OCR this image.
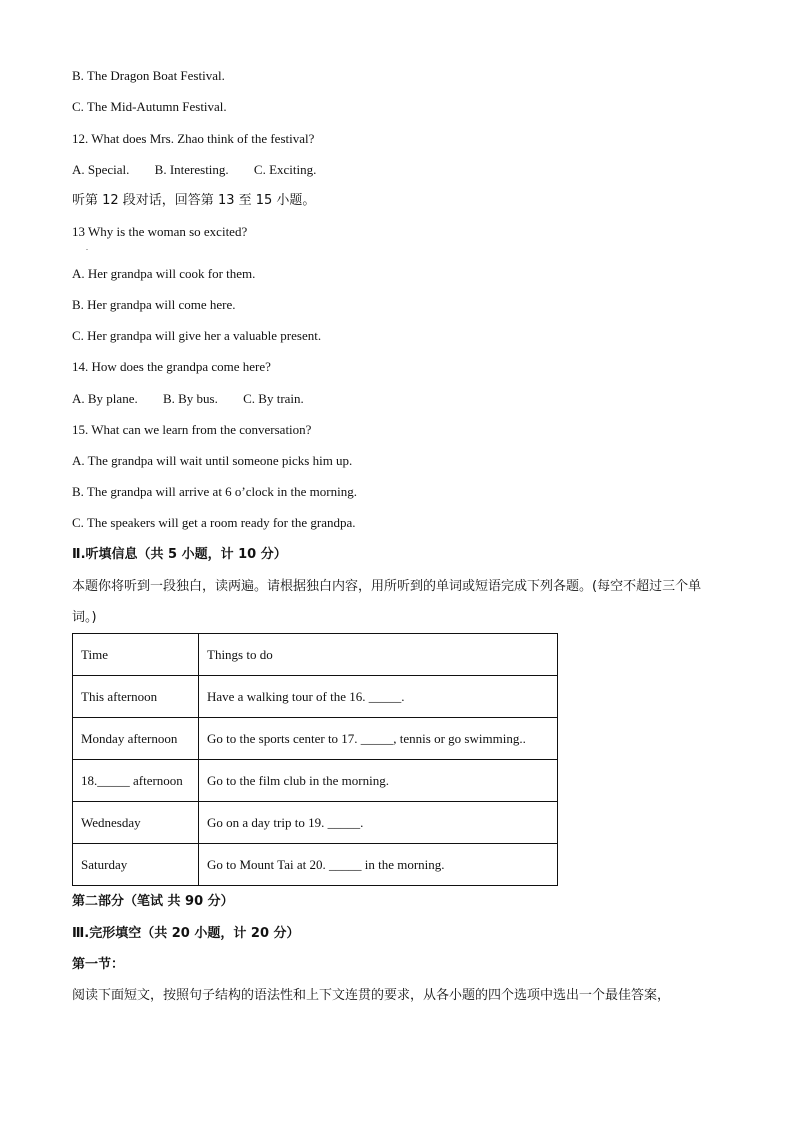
B. The Dragon Boat Festival.
C. The Mid-Autumn Festival.
12. What does Mrs. Zhao think of the festival?
A. Special. B. Interesting. C. Exciting.
听第 12 段对话，回答第 13 至 15 小题。
13 Why is the woman so excited?
.
A. Her grandpa will cook for them.
B. Her grandpa will come here.
C. Her grandpa will give her a valuable present.
14. How does the grandpa come here?
A. By plane. B. By bus. C. By train.
15. What can we learn from the conversation?
A. The grandpa will wait until someone picks him up.
B. The grandpa will arrive at 6 o’clock in the morning.
C. The speakers will get a room ready for the grandpa.
Ⅱ.听填信息（共 5 小题，计 10 分）
本题你将听到一段独白，读两遍。请根据独白内容，用所听到的单词或短语完成下列各题。(每空不超过三个单词。)
Time	Things to do
This afternoon	Have a walking tour of the 16. _____.
Monday afternoon	Go to the sports center to 17. _____, tennis or go swimming..
18._____ afternoon	Go to the film club in the morning.
Wednesday	Go on a day trip to 19. _____.
Saturday	Go to Mount Tai at 20. _____ in the morning.
第二部分（笔试 共 90 分）
Ⅲ.完形填空（共 20 小题，计 20 分）
第一节：
阅读下面短文，按照句子结构的语法性和上下文连贯的要求，从各小题的四个选项中选出一个最佳答案，
